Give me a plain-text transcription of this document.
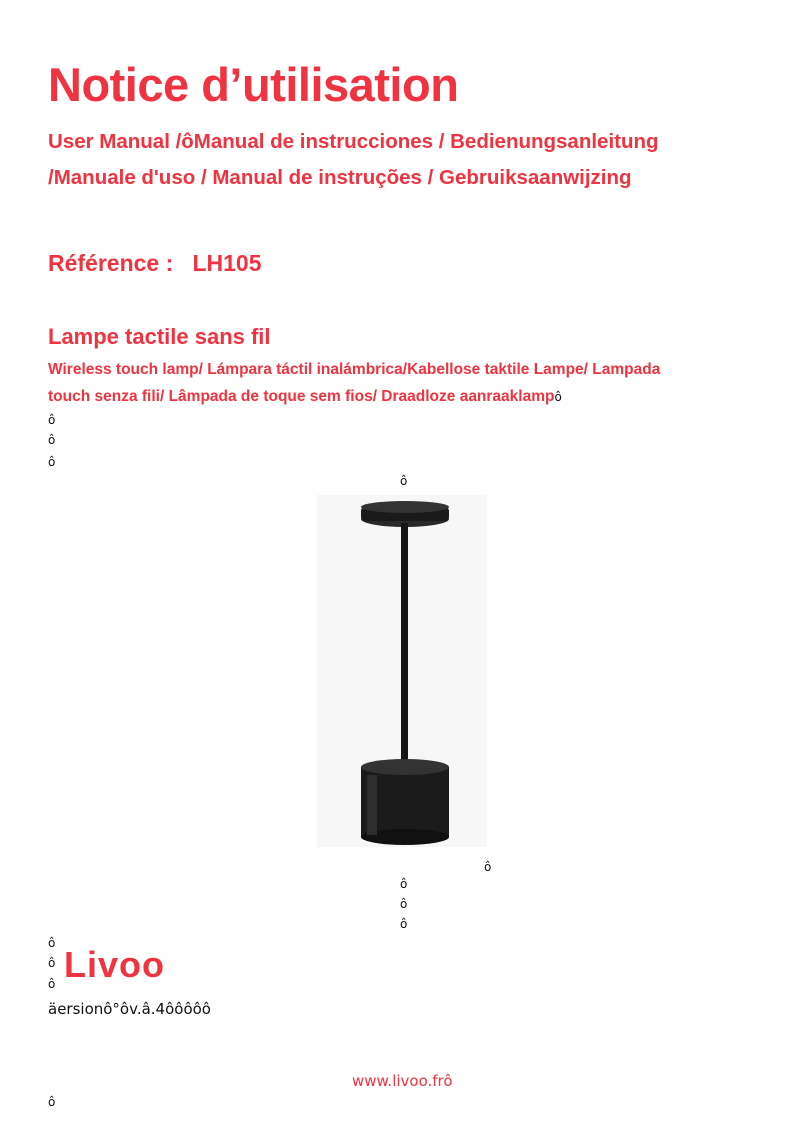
Notice d’utilisation
User Manual /ôManual de instrucciones / Bedienungsanleitung
/Manuale d'uso / Manual de instruções / Gebruiksaanwijzing
Référence : LH105
Lampe tactile sans fil
Wireless touch lamp/ Lámpara táctil inalámbrica/Kabellose taktile Lampe/ Lampada
touch senza fili/ Lâmpada de toque sem fios/ Draadloze aanraaklampô
ô
ô
ô
ô
ô
ô
ô
ô
Livoo
ô
ô
ô
äersionô°ôv.â.4ôôôôô
www.livoo.frô
ô
